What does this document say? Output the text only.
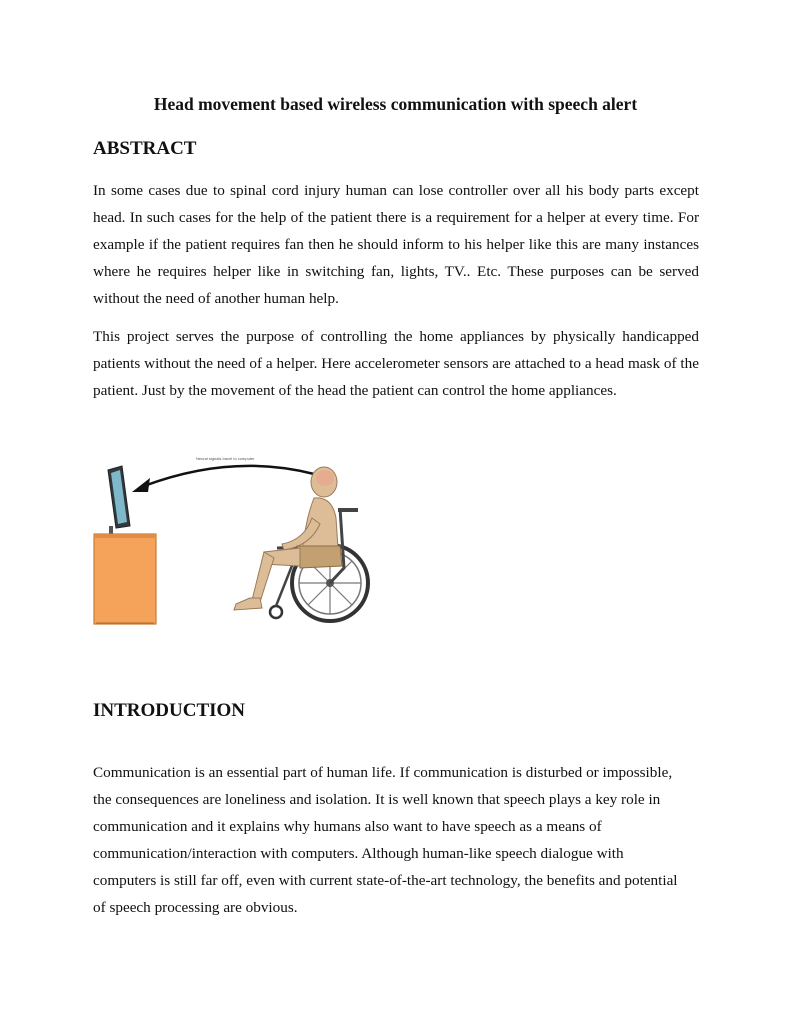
Head movement based wireless communication with speech alert
ABSTRACT

In some cases due to spinal cord injury human can lose controller over all his body parts except head. In such cases for the help of the patient there is a requirement for a helper at every time. For example if the patient requires fan then he should inform to his helper like this are many instances where he requires helper like in switching fan, lights, TV.. Etc. These purposes can be served without the need of another human help.

This project serves the purpose of controlling the home appliances by physically handicapped patients without the need of a helper. Here accelerometer sensors are attached to a head mask of the patient. Just by the movement of the head the patient can control the home appliances.

Neural signals travel to computer
INTRODUCTION
Communication is an essential part of human life. If communication is disturbed or impossible,
the consequences are loneliness and isolation. It is well known that speech plays a key role in
communication and it explains why humans also want to have speech as a means of
communication/interaction with computers. Although human-like speech dialogue with
computers is still far off, even with current state-of-the-art technology, the benefits and potential
of speech processing are obvious.
